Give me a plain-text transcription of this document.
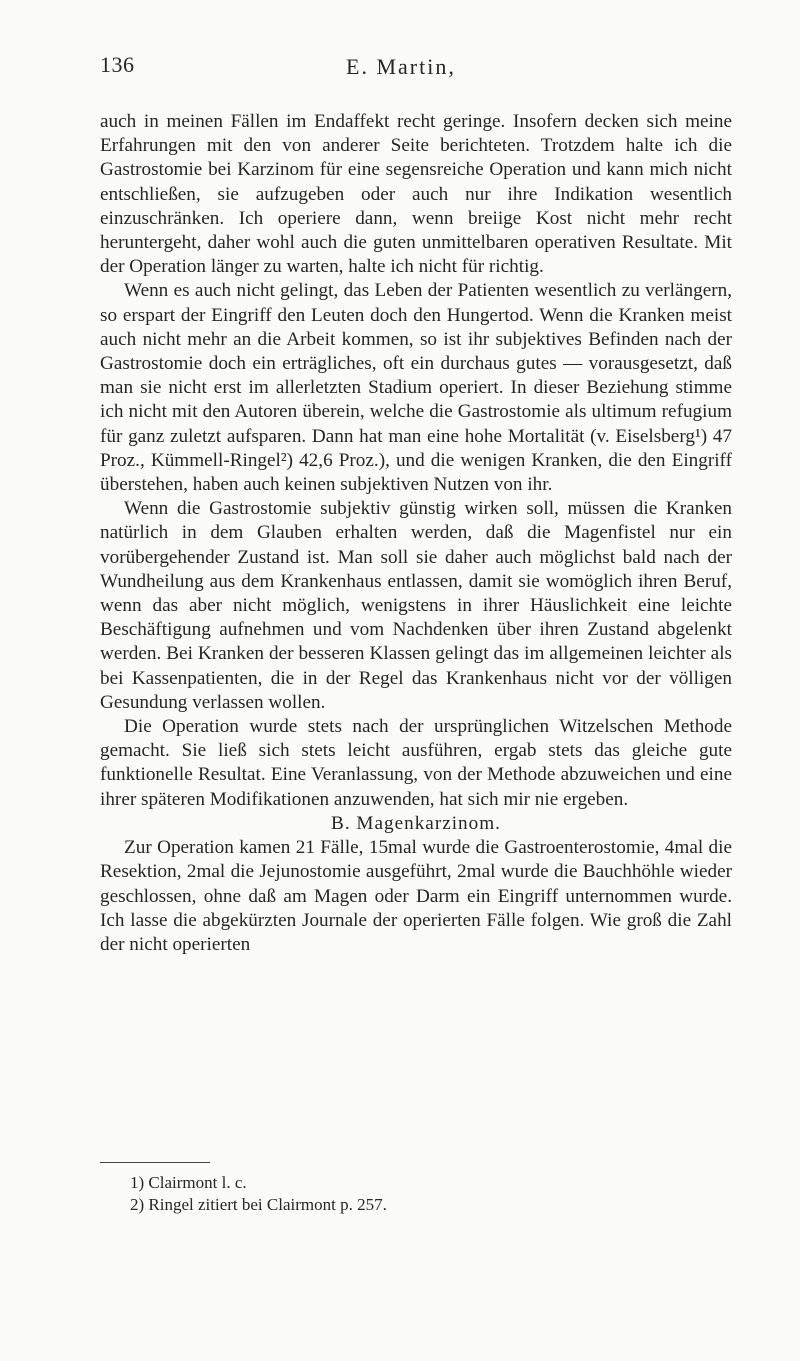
136	E. Martin,

auch in meinen Fällen im Endaffekt recht geringe. Insofern decken sich meine Erfahrungen mit den von anderer Seite berichteten. Trotzdem halte ich die Gastrostomie bei Karzinom für eine segensreiche Operation und kann mich nicht entschließen, sie aufzugeben oder auch nur ihre Indikation wesentlich einzuschränken. Ich operiere dann, wenn breiige Kost nicht mehr recht heruntergeht, daher wohl auch die guten unmittelbaren operativen Resultate. Mit der Operation länger zu warten, halte ich nicht für richtig.

Wenn es auch nicht gelingt, das Leben der Patienten wesentlich zu verlängern, so erspart der Eingriff den Leuten doch den Hungertod. Wenn die Kranken meist auch nicht mehr an die Arbeit kommen, so ist ihr subjektives Befinden nach der Gastrostomie doch ein erträgliches, oft ein durchaus gutes — vorausgesetzt, daß man sie nicht erst im allerletzten Stadium operiert. In dieser Beziehung stimme ich nicht mit den Autoren überein, welche die Gastrostomie als ultimum refugium für ganz zuletzt aufsparen. Dann hat man eine hohe Mortalität (v. Eiselsberg¹) 47 Proz., Kümmell-Ringel²) 42,6 Proz.), und die wenigen Kranken, die den Eingriff überstehen, haben auch keinen subjektiven Nutzen von ihr.

Wenn die Gastrostomie subjektiv günstig wirken soll, müssen die Kranken natürlich in dem Glauben erhalten werden, daß die Magenfistel nur ein vorübergehender Zustand ist. Man soll sie daher auch möglichst bald nach der Wundheilung aus dem Krankenhaus entlassen, damit sie womöglich ihren Beruf, wenn das aber nicht möglich, wenigstens in ihrer Häuslichkeit eine leichte Beschäftigung aufnehmen und vom Nachdenken über ihren Zustand abgelenkt werden. Bei Kranken der besseren Klassen gelingt das im allgemeinen leichter als bei Kassenpatienten, die in der Regel das Krankenhaus nicht vor der völligen Gesundung verlassen wollen.

Die Operation wurde stets nach der ursprünglichen Witzelschen Methode gemacht. Sie ließ sich stets leicht ausführen, ergab stets das gleiche gute funktionelle Resultat. Eine Veranlassung, von der Methode abzuweichen und eine ihrer späteren Modifikationen anzuwenden, hat sich mir nie ergeben.

B. Magenkarzinom.

Zur Operation kamen 21 Fälle, 15mal wurde die Gastroenterostomie, 4mal die Resektion, 2mal die Jejunostomie ausgeführt, 2mal wurde die Bauchhöhle wieder geschlossen, ohne daß am Magen oder Darm ein Eingriff unternommen wurde. Ich lasse die abgekürzten Journale der operierten Fälle folgen. Wie groß die Zahl der nicht operierten

1) Clairmont l. c.
2) Ringel zitiert bei Clairmont p. 257.
